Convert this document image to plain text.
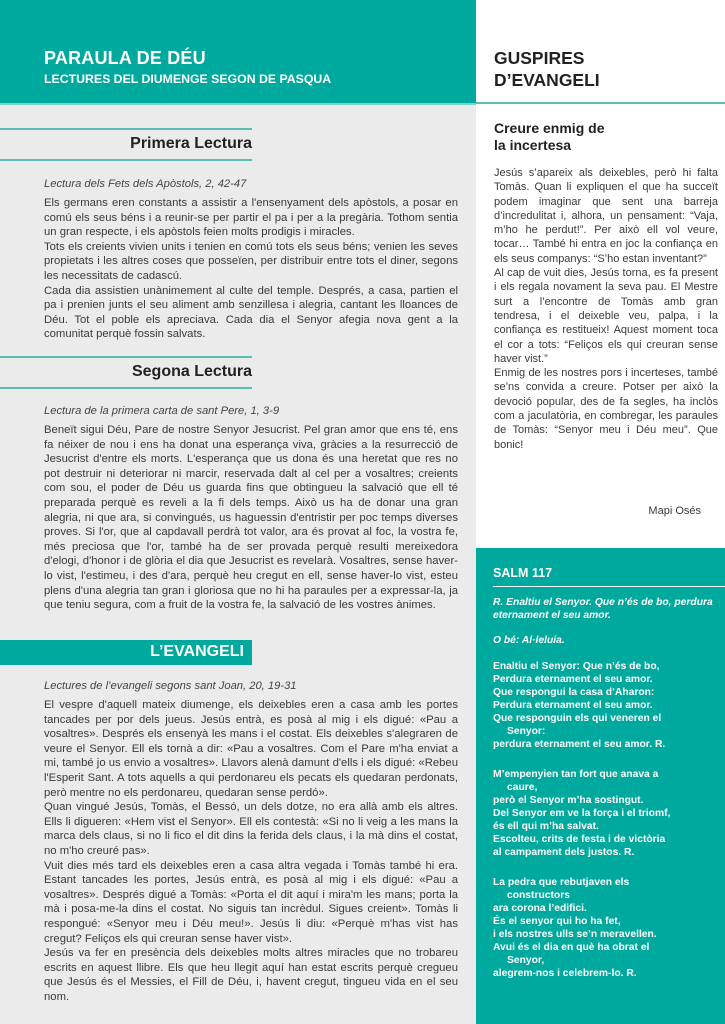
PARAULA DE DÉU
LECTURES DEL DIUMENGE SEGON DE PASQUA
Primera Lectura
Lectura dels Fets dels Apòstols, 2, 42-47

Els germans eren constants a assistir a l'ensenyament dels apòstols, a posar en comú els seus béns i a reunir-se per partir el pa i per a la pregària. Tothom sentia un gran respecte, i els apòstols feien molts prodigis i miracles.

Tots els creients vivien units i tenien en comú tots els seus béns; venien les seves propietats i les altres coses que posseïen, per distribuir entre tots el diner, segons les necessitats de cadascú.

Cada dia assistien unànimement al culte del temple. Després, a casa, partien el pa i prenien junts el seu aliment amb senzillesa i alegria, cantant les lloances de Déu. Tot el poble els apreciava. Cada dia el Senyor afegia nova gent a la comunitat perquè fossin salvats.

Segona Lectura
Lectura de la primera carta de sant Pere, 1, 3-9

Beneït sigui Déu, Pare de nostre Senyor Jesucrist. Pel gran amor que ens té, ens fa néixer de nou i ens ha donat una esperança viva, gràcies a la resurrecció de Jesucrist d'entre els morts. L'esperança que us dona és una heretat que res no pot destruir ni deteriorar ni marcir, reservada dalt al cel per a vosaltres; creients com sou, el poder de Déu us guarda fins que obtingueu la salvació que ell té preparada perquè es reveli a la fi dels temps. Això us ha de donar una gran alegria, ni que ara, si convingués, us haguessin d'entristir per poc temps diverses proves. Si l'or, que al capdavall perdrà tot valor, ara és provat al foc, la vostra fe, més preciosa que l'or, també ha de ser provada perquè resulti mereixedora d'elogi, d'honor i de glòria el dia que Jesucrist es revelarà. Vosaltres, sense haver-lo vist, l'estimeu, i des d'ara, perquè heu cregut en ell, sense haver-lo vist, esteu plens d'una alegria tan gran i gloriosa que no hi ha paraules per a expressar-la, ja que teniu segura, com a fruit de la vostra fe, la salvació de les vostres ànimes.

L’EVANGELI
Lectures de l’evangeli segons sant Joan, 20, 19-31

El vespre d'aquell mateix diumenge, els deixebles eren a casa amb les portes tancades per por dels jueus. Jesús entrà, es posà al mig i els digué: «Pau a vosaltres». Després els ensenyà les mans i el costat. Els deixebles s'alegraren de veure el Senyor. Ell els tornà a dir: «Pau a vosaltres. Com el Pare m'ha enviat a mi, també jo us envio a vosaltres». Llavors alenà damunt d'ells i els digué: «Rebeu l'Esperit Sant. A tots aquells a qui perdonareu els pecats els quedaran perdonats, però mentre no els perdonareu, quedaran sense perdó».

Quan vingué Jesús, Tomàs, el Bessó, un dels dotze, no era allà amb els altres. Ells li digueren: «Hem vist el Senyor». Ell els contestà: «Si no li veig a les mans la marca dels claus, si no li fico el dit dins la ferida dels claus, i la mà dins el costat, no m'ho creuré pas».

Vuit dies més tard els deixebles eren a casa altra vegada i Tomàs també hi era. Estant tancades les portes, Jesús entrà, es posà al mig i els digué: «Pau a vosaltres». Després digué a Tomàs: «Porta el dit aquí i mira'm les mans; porta la mà i posa-me-la dins el costat. No siguis tan incrèdul. Sigues creient». Tomàs li respongué: «Senyor meu i Déu meu!». Jesús li diu: «Perquè m'has vist has cregut? Feliços els qui creuran sense haver vist».

Jesús va fer en presència dels deixebles molts altres miracles que no trobareu escrits en aquest llibre. Els que heu llegit aquí han estat escrits perquè cregueu que Jesús és el Messies, el Fill de Déu, i, havent cregut, tingueu vida en el seu nom.

GUSPIRES
D’EVANGELI
Creure enmig de
la incertesa

Jesús s’apareix als deixebles, però hi falta Tomàs. Quan li expliquen el que ha succeït podem imaginar que sent una barreja d’incredulitat i, alhora, un pensament: “Vaja, m’ho he perdut!”. Per això ell vol veure, tocar… També hi entra en joc la confiança en els seus companys: “S’ho estan inventant?”

Al cap de vuit dies, Jesús torna, es fa present i els regala novament la seva pau. El Mestre surt a l’encontre de Tomàs amb gran tendresa, i el deixeble veu, palpa, i la confiança es restitueix! Aquest moment toca el cor a tots: “Feliços els qui creuran sense haver vist.”

Enmig de les nostres pors i incerteses, també se’ns convida a creure. Potser per això la devoció popular, des de fa segles, ha inclòs com a jaculatòria, en combregar, les paraules de Tomàs: “Senyor meu i Déu meu”. Que bonic!

Mapi Osés
SALM 117
R. Enaltiu el Senyor. Que n’és de bo, perdura eternament el seu amor.
O bé: Al·leluia.
Enaltiu el Senyor: Que n’és de bo,
Perdura eternament el seu amor.
Que respongui la casa d’Aharon:
Perdura eternament el seu amor.
Que responguin els qui veneren el
Senyor:
perdura eternament el seu amor. R.
M’empenyien tan fort que anava a
caure,
però el Senyor m’ha sostingut.
Del Senyor em ve la força i el triomf,
és ell qui m’ha salvat.
Escolteu, crits de festa i de victòria
al campament dels justos. R.
La pedra que rebutjaven els
constructors
ara corona l’edifici.
És el senyor qui ho ha fet,
i els nostres ulls se’n meravellen.
Avui és el dia en què ha obrat el
Senyor,
alegrem-nos i celebrem-lo. R.
